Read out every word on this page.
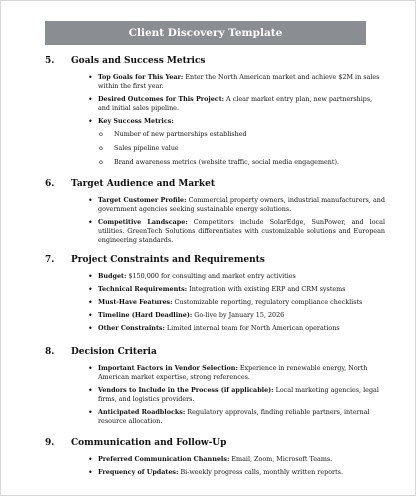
Client Discovery Template
5.	Goals and Success Metrics
• Top Goals for This Year: Enter the North American market and achieve $2M in sales within the first year.
• Desired Outcomes for This Project: A clear market entry plan, new partnerships, and initial sales pipeline.
• Key Success Metrics:
o Number of new partnerships established
o Sales pipeline value
o Brand awareness metrics (website traffic, social media engagement).
6.	Target Audience and Market
• Target Customer Profile: Commercial property owners, industrial manufacturers, and government agencies seeking sustainable energy solutions.
• Competitive Landscape: Competitors include SolarEdge, SunPower, and local utilities. GreenTech Solutions differentiates with customizable solutions and European engineering standards.
7.	Project Constraints and Requirements
• Budget: $150,000 for consulting and market entry activities
• Technical Requirements: Integration with existing ERP and CRM systems
• Must-Have Features: Customizable reporting, regulatory compliance checklists
• Timeline (Hard Deadline): Go-live by January 15, 2026
• Other Constraints: Limited internal team for North American operations
8.	Decision Criteria
• Important Factors in Vendor Selection: Experience in renewable energy, North American market expertise, strong references.
• Vendors to Include in the Process (if applicable): Local marketing agencies, legal firms, and logistics providers.
• Anticipated Roadblocks: Regulatory approvals, finding reliable partners, internal resource allocation.
9.	Communication and Follow-Up
• Preferred Communication Channels: Email, Zoom, Microsoft Teams.
• Frequency of Updates: Bi-weekly progress calls, monthly written reports.
